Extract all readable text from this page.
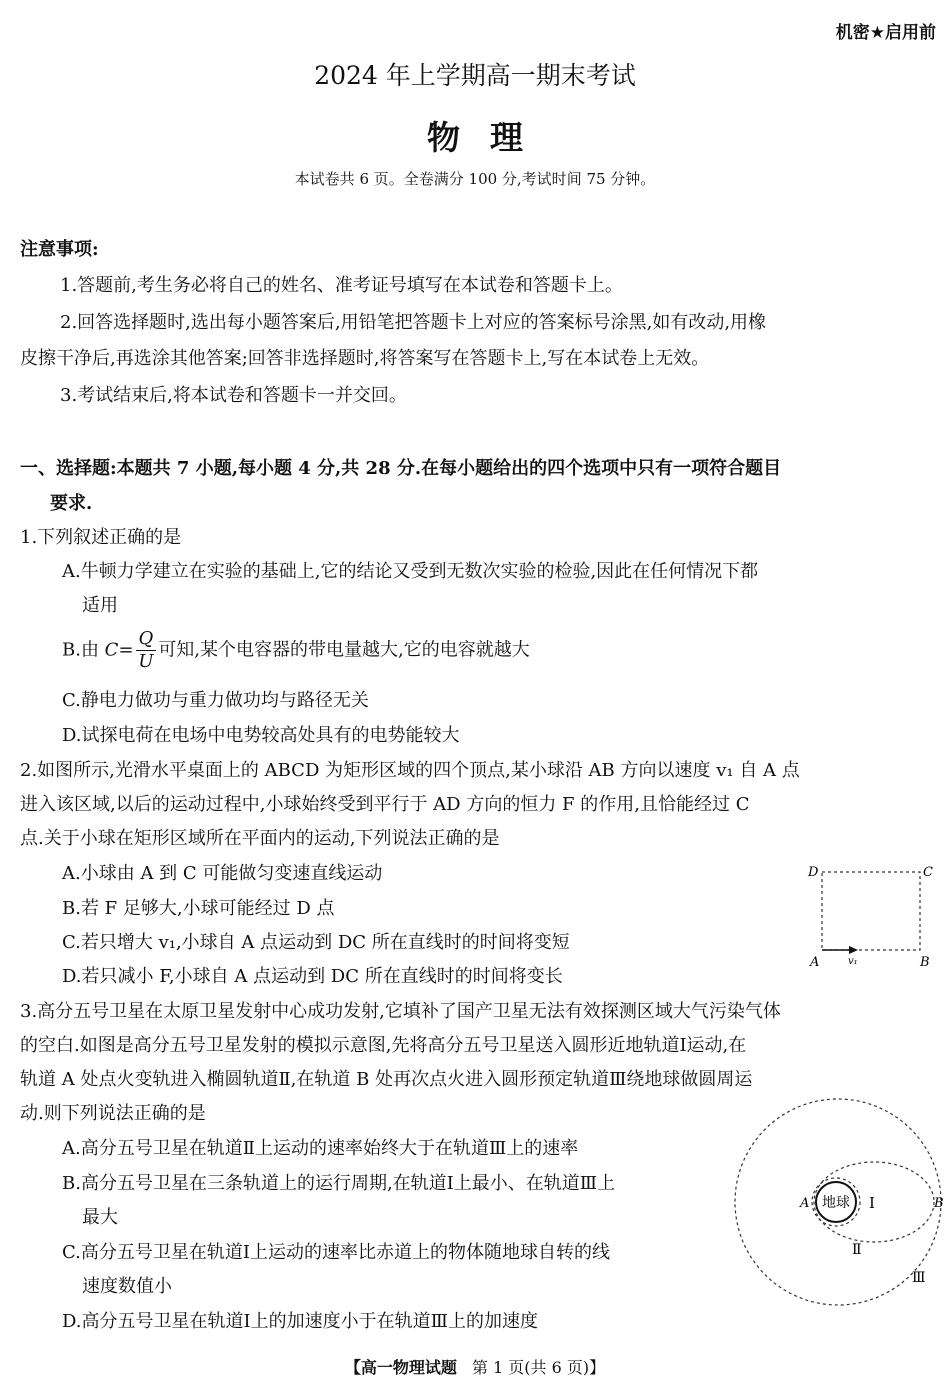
机密★启用前
2024 年上学期高一期末考试
物理
本试卷共 6 页。全卷满分 100 分,考试时间 75 分钟。
注意事项:
1.答题前,考生务必将自己的姓名、准考证号填写在本试卷和答题卡上。
2.回答选择题时,选出每小题答案后,用铅笔把答题卡上对应的答案标号涂黑,如有改动,用橡
皮擦干净后,再选涂其他答案;回答非选择题时,将答案写在答题卡上,写在本试卷上无效。
3.考试结束后,将本试卷和答题卡一并交回。
一、选择题:本题共 7 小题,每小题 4 分,共 28 分.在每小题给出的四个选项中只有一项符合题目
要求.
1.下列叙述正确的是
A.牛顿力学建立在实验的基础上,它的结论又受到无数次实验的检验,因此在任何情况下都
适用
B.由 $C= \frac{Q}{U}$ 可知,某个电容器的带电量越大,它的电容就越大
C.静电力做功与重力做功均与路径无关
D.试探电荷在电场中电势较高处具有的电势能较大
2.如图所示,光滑水平桌面上的 ABCD 为矩形区域的四个顶点,某小球沿 AB 方向以速度 v₁ 自 A 点
进入该区域,以后的运动过程中,小球始终受到平行于 AD 方向的恒力 F 的作用,且恰能经过 C
点.关于小球在矩形区域所在平面内的运动,下列说法正确的是
A.小球由 A 到 C 可能做匀变速直线运动
B.若 F 足够大,小球可能经过 D 点
C.若只增大 v₁,小球自 A 点运动到 DC 所在直线时的时间将变短
D.若只减小 F,小球自 A 点运动到 DC 所在直线时的时间将变长
D	C
A	B
v₁
3.高分五号卫星在太原卫星发射中心成功发射,它填补了国产卫星无法有效探测区域大气污染气体
的空白.如图是高分五号卫星发射的模拟示意图,先将高分五号卫星送入圆形近地轨道Ⅰ运动,在
轨道 A 处点火变轨进入椭圆轨道Ⅱ,在轨道 B 处再次点火进入圆形预定轨道Ⅲ绕地球做圆周运
动.则下列说法正确的是
A.高分五号卫星在轨道Ⅱ上运动的速率始终大于在轨道Ⅲ上的速率
B.高分五号卫星在三条轨道上的运行周期,在轨道Ⅰ上最小、在轨道Ⅲ上
最大
C.高分五号卫星在轨道Ⅰ上运动的速率比赤道上的物体随地球自转的线
速度数值小
D.高分五号卫星在轨道Ⅰ上的加速度小于在轨道Ⅲ上的加速度
地球
A	B
Ⅰ
Ⅱ
Ⅲ
【高一物理试题 第 1 页(共 6 页)】
